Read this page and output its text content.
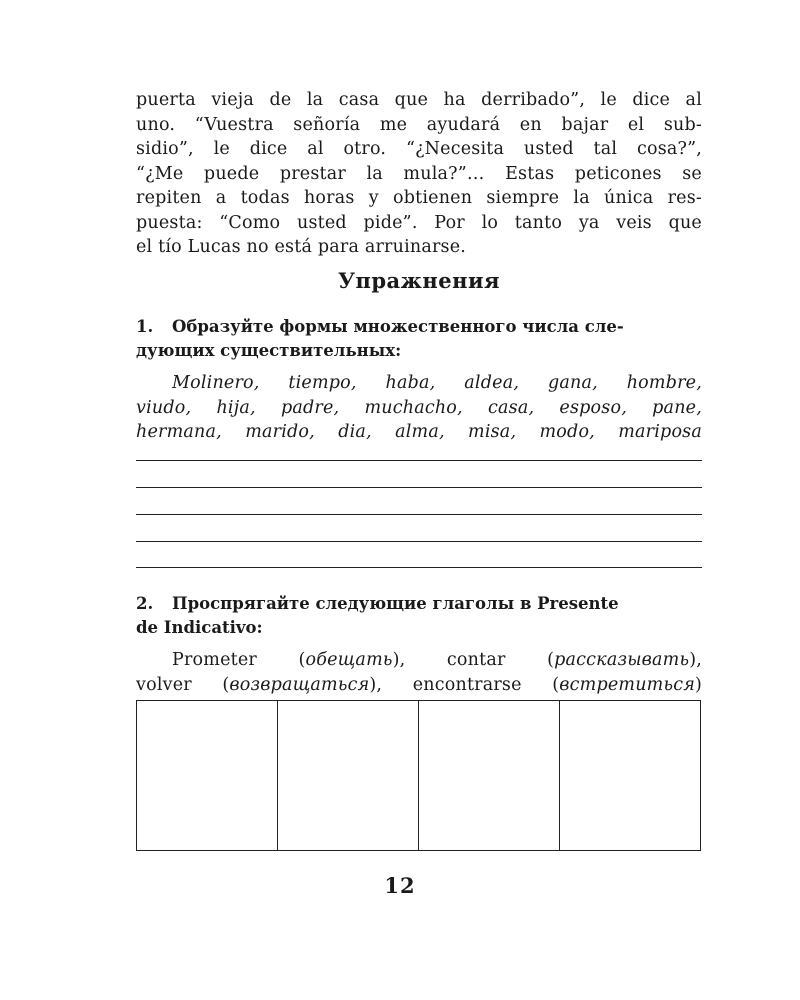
puerta vieja de la casa que ha derribado”, le dice al
uno. “Vuestra señoría me ayudará en bajar el sub-
sidio”, le dice al otro. “¿Necesita usted tal cosa?”,
“¿Me puede prestar la mula?”… Estas peticones se
repiten a todas horas y obtienen siempre la única res-
puesta: “Como usted pide”. Por lo tanto ya veis que
el tío Lucas no está para arruinarse.
Упражнения
1. Образуйте формы множественного числа сле-
дующих существительных:
Molinero, tiempo, haba, aldea, gana, hombre,
viudo, hija, padre, muchacho, casa, esposo, pane,
hermana, marido, dia, alma, misa, modo, mariposa
2. Проспрягайте следующие глаголы в Presente
de Indicativo:
Prometer (обещать), contar (рассказывать),
volver (возвращаться), encontrarse (встретиться)
12
